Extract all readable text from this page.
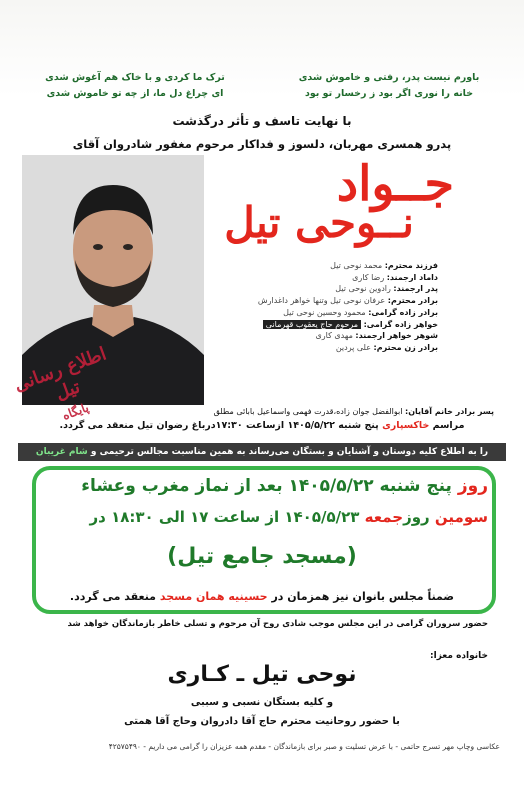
باورم نیست پدر، رفتی و خاموش شدی
خانه را نوری اگر بود ز رخسار تو بود
ترک ما کردی و با خاک هم آغوش شدی
ای چراغ دل ما، از چه تو خاموش شدی
با نهایت تاسف و تأثر درگذشت
پدرو همسری مهربان، دلسوز و فداکار مرحوم مغفور شادروان آقای
جــواد
نــوحی تیل
فرزند محترم: محمد نوحی تیل
داماد ارجمند: رضا کاری
پدر ارجمند: رادوین نوحی تیل
برادر محترم: عرفان نوحی تیل وتنها خواهر داغدارش
برادر زاده گرامی: محمود وحسین نوحی تیل
خواهر زاده گرامی: مرحوم حاج یعقوب قهرمانی
شوهر خواهر ارجمند: مهدی کاری
برادر زن محترم: علی پردین
پسر برادر خانم آقایان: ابوالفضل جوان زاده،قدرت فهمی واسماعیل بابائی مطلق
اطلاع رسانی تیل
پایگاه
مراسم خاکسپاری پنج شنبه ۱۴۰۵/۵/۲۲ ازساعت ۱۷:۳۰درباغ رضوان تیل منعقد می گردد.
را به اطلاع کلیه دوستان و آشنایان و بستگان می‌رساند به همین مناسبت مجالس ترحیمی و شام غریبان
روز پنج شنبه ۱۴۰۵/۵/۲۲ بعد از نماز مغرب وعشاء
سومین روزجمعه ۱۴۰۵/۵/۲۳ از ساعت ۱۷ الی ۱۸:۳۰ در
(مسجد جامع تیل)
ضمناً مجلس بانوان نیز همزمان در حسینیه همان مسجد منعقد می گردد.
حضور سروران گرامی در این مجلس موجب شادی روح آن مرحوم و تسلی خاطر بازماندگان خواهد شد
خانواده معزا:
نوحی تیل ـ کـاری
و کلیه بستگان نسبی و سببی
با حضور روحانیت محترم حاج آقا دادروان وحاج آقا همتی
عکاسی وچاپ مهر تسرج حاتمی - با عرض تسلیت و صبر برای بازماندگان - مقدم همه عزیزان را گرامی می داریم - ۴۲۵۷۵۴۹۰
